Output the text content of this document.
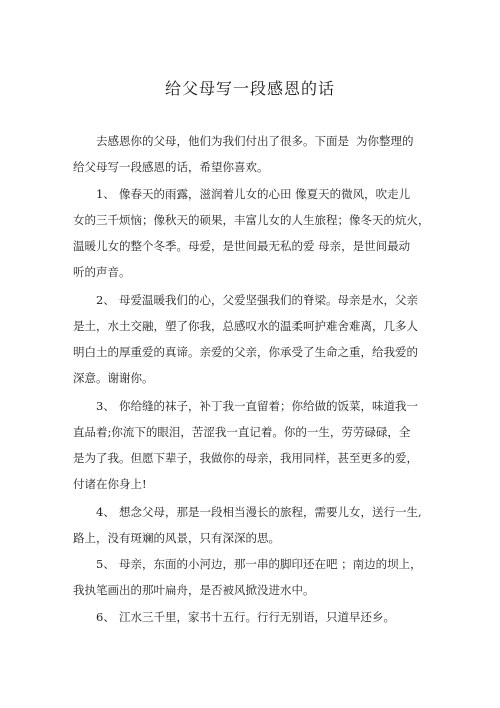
给父母写一段感恩的话
去感恩你的父母，他们为我们付出了很多。下面是 为你整理的
给父母写一段感恩的话，希望你喜欢。
1、 像春天的雨露，滋润着儿女的心田 像夏天的微风，吹走儿
女的三千烦恼；像秋天的硕果，丰富儿女的人生旅程；像冬天的炕火，
温暖儿女的整个冬季。母爱，是世间最无私的爱 母亲，是世间最动
听的声音。
2、 母爱温暖我们的心，父爱坚强我们的脊梁。母亲是水，父亲
是土，水土交融，塑了你我，总感叹水的温柔呵护难舍难离，几多人
明白土的厚重爱的真谛。亲爱的父亲，你承受了生命之重，给我爱的
深意。谢谢你。
3、 你给缝的袜子，补丁我一直留着；你给做的饭菜，味道我一
直品着;你流下的眼泪，苦涩我一直记着。你的一生，劳劳碌碌，全
是为了我。但愿下辈子，我做你的母亲，我用同样，甚至更多的爱，
付诸在你身上!
4、 想念父母，那是一段相当漫长的旅程，需要儿女，送行一生,
路上，没有斑斓的风景，只有深深的思。
5、 母亲，东面的小河边，那一串的脚印还在吧 ；南边的坝上，
我执笔画出的那叶扁舟，是否被风掀没进水中。
6、 江水三千里，家书十五行。行行无别语，只道早还乡。
